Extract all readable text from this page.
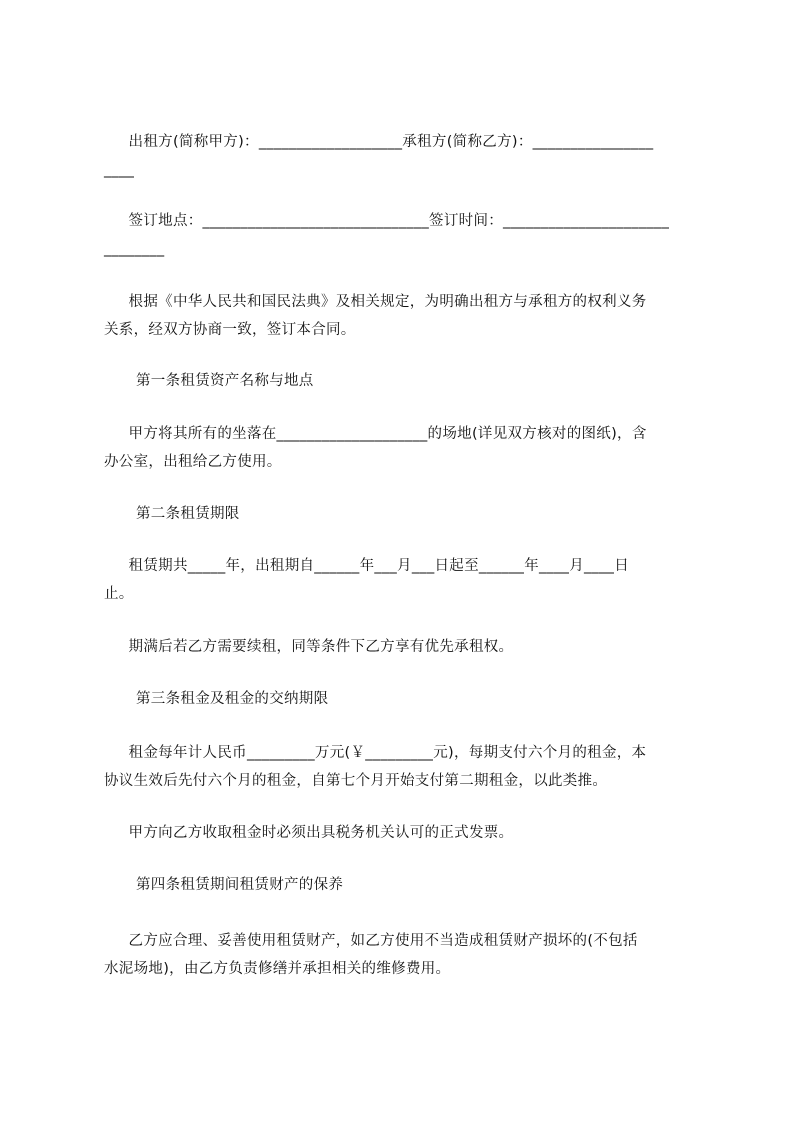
出租方(简称甲方)：___________________承租方(简称乙方)：________________
____
签订地点：______________________________签订时间：______________________
________
根据《中华人民共和国民法典》及相关规定，为明确出租方与承租方的权利义务
关系，经双方协商一致，签订本合同。
第一条租赁资产名称与地点
甲方将其所有的坐落在____________________的场地(详见双方核对的图纸)，含
办公室，出租给乙方使用。
第二条租赁期限
租赁期共_____年，出租期自______年___月___日起至______年____月____日
止。
期满后若乙方需要续租，同等条件下乙方享有优先承租权。
第三条租金及租金的交纳期限
租金每年计人民币_________万元(￥_________元)，每期支付六个月的租金，本
协议生效后先付六个月的租金，自第七个月开始支付第二期租金，以此类推。
甲方向乙方收取租金时必须出具税务机关认可的正式发票。
第四条租赁期间租赁财产的保养
乙方应合理、妥善使用租赁财产，如乙方使用不当造成租赁财产损坏的(不包括
水泥场地)，由乙方负责修缮并承担相关的维修费用。
